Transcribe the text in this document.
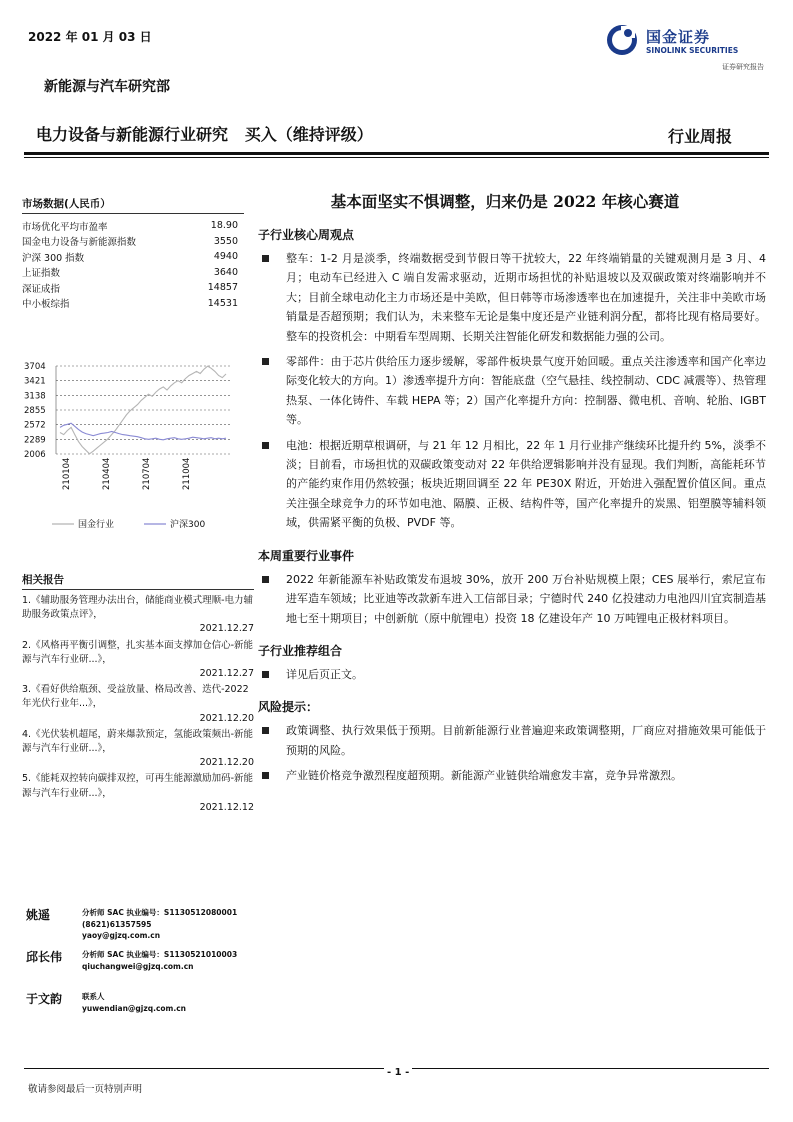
2022 年 01 月 03 日
新能源与汽车研究部
国金证券
SINOLINK SECURITIES
证券研究报告
电力设备与新能源行业研究   买入（维持评级）	行业周报
市场数据(人民币）
市场优化平均市盈率	18.90
国金电力设备与新能源指数	3550
沪深 300 指数	4940
上证指数	3640
深证成指	14857
中小板综指	14531
3704
3421
3138
2855
2572
2289
2006
210104	210404	210704	211004
国金行业	沪深300
相关报告
1.《辅助服务管理办法出台，储能商业模式理顺-电力辅助服务政策点评》，
2021.12.27
2.《风格再平衡引调整，扎实基本面支撑加仓信心-新能源与汽车行业研...》，
2021.12.27
3.《看好供给瓶颈、受益放量、格局改善、迭代-2022 年光伏行业年...》，
2021.12.20
4.《光伏装机超尾，蔚来爆款预定，氢能政策频出-新能源与汽车行业研...》，
2021.12.20
5.《能耗双控转向碳排双控，可再生能源激励加码-新能源与汽车行业研...》，
2021.12.12
姚遥	分析师 SAC 执业编号：S1130512080001
(8621)61357595
yaoy@gjzq.com.cn
邱长伟	分析师 SAC 执业编号：S1130521010003
qiuchangwei@gjzq.com.cn
于文韵	联系人
yuwendian@gjzq.com.cn
基本面坚实不惧调整，归来仍是 2022 年核心赛道
子行业核心周观点
整车：1-2 月是淡季，终端数据受到节假日等干扰较大，22 年终端销量的关键观测月是 3 月、4 月；电动车已经进入 C 端自发需求驱动，近期市场担忧的补贴退坡以及双碳政策对终端影响并不大；目前全球电动化主力市场还是中美欧，但日韩等市场渗透率也在加速提升，关注非中美欧市场销量是否超预期；我们认为，未来整车无论是集中度还是产业链利润分配，都将比现有格局要好。整车的投资机会：中期看车型周期、长期关注智能化研发和数据能力强的公司。
零部件：由于芯片供给压力逐步缓解，零部件板块景气度开始回暖。重点关注渗透率和国产化率边际变化较大的方向。1）渗透率提升方向：智能底盘（空气悬挂、线控制动、CDC 减震等）、热管理热泵、一体化铸件、车载 HEPA 等；2）国产化率提升方向：控制器、微电机、音响、轮胎、IGBT 等。
电池：根据近期草根调研，与 21 年 12 月相比，22 年 1 月行业排产继续环比提升约 5%，淡季不淡；目前看，市场担忧的双碳政策变动对 22 年供给逻辑影响并没有显现。我们判断，高能耗环节的产能约束作用仍然较强；板块近期回调至 22 年 PE30X 附近，开始进入强配置价值区间。重点关注强全球竞争力的环节如电池、隔膜、正极、结构件等，国产化率提升的炭黑、铝塑膜等辅料领域，供需紧平衡的负极、PVDF 等。
本周重要行业事件
2022 年新能源车补贴政策发布退坡 30%，放开 200 万台补贴规模上限；CES 展举行，索尼宣布进军造车领域；比亚迪等改款新车进入工信部目录；宁德时代 240 亿投建动力电池四川宜宾制造基地七至十期项目；中创新航（原中航锂电）投资 18 亿建设年产 10 万吨锂电正极材料项目。
子行业推荐组合
详见后页正文。
风险提示：
政策调整、执行效果低于预期。目前新能源行业普遍迎来政策调整期，厂商应对措施效果可能低于预期的风险。
产业链价格竞争激烈程度超预期。新能源产业链供给端愈发丰富，竞争异常激烈。
- 1 -
敬请参阅最后一页特别声明
